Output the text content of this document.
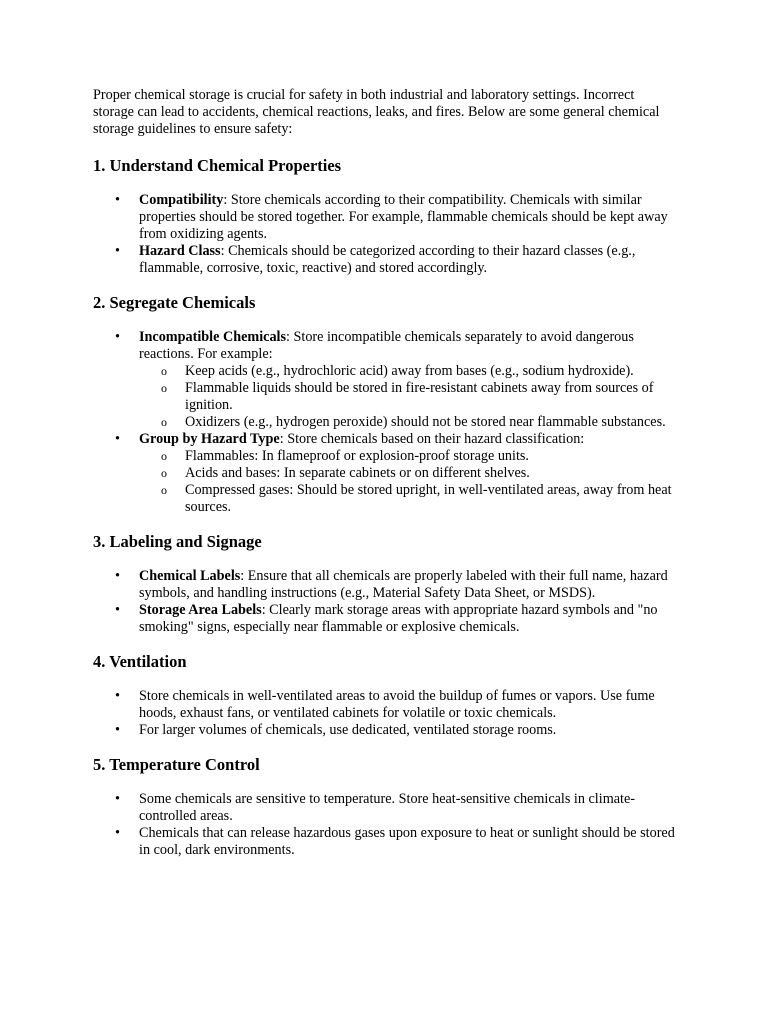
Proper chemical storage is crucial for safety in both industrial and laboratory settings. Incorrect storage can lead to accidents, chemical reactions, leaks, and fires. Below are some general chemical storage guidelines to ensure safety:

1. Understand Chemical Properties
• Compatibility: Store chemicals according to their compatibility. Chemicals with similar properties should be stored together. For example, flammable chemicals should be kept away from oxidizing agents.
• Hazard Class: Chemicals should be categorized according to their hazard classes (e.g., flammable, corrosive, toxic, reactive) and stored accordingly.
2. Segregate Chemicals
• Incompatible Chemicals: Store incompatible chemicals separately to avoid dangerous reactions. For example:
o Keep acids (e.g., hydrochloric acid) away from bases (e.g., sodium hydroxide).
o Flammable liquids should be stored in fire-resistant cabinets away from sources of ignition.
o Oxidizers (e.g., hydrogen peroxide) should not be stored near flammable substances.
• Group by Hazard Type: Store chemicals based on their hazard classification:
o Flammables: In flameproof or explosion-proof storage units.
o Acids and bases: In separate cabinets or on different shelves.
o Compressed gases: Should be stored upright, in well-ventilated areas, away from heat sources.
3. Labeling and Signage
• Chemical Labels: Ensure that all chemicals are properly labeled with their full name, hazard symbols, and handling instructions (e.g., Material Safety Data Sheet, or MSDS).
• Storage Area Labels: Clearly mark storage areas with appropriate hazard symbols and "no smoking" signs, especially near flammable or explosive chemicals.
4. Ventilation
• Store chemicals in well-ventilated areas to avoid the buildup of fumes or vapors. Use fume hoods, exhaust fans, or ventilated cabinets for volatile or toxic chemicals.
• For larger volumes of chemicals, use dedicated, ventilated storage rooms.
5. Temperature Control
• Some chemicals are sensitive to temperature. Store heat-sensitive chemicals in climate-controlled areas.
• Chemicals that can release hazardous gases upon exposure to heat or sunlight should be stored in cool, dark environments.
